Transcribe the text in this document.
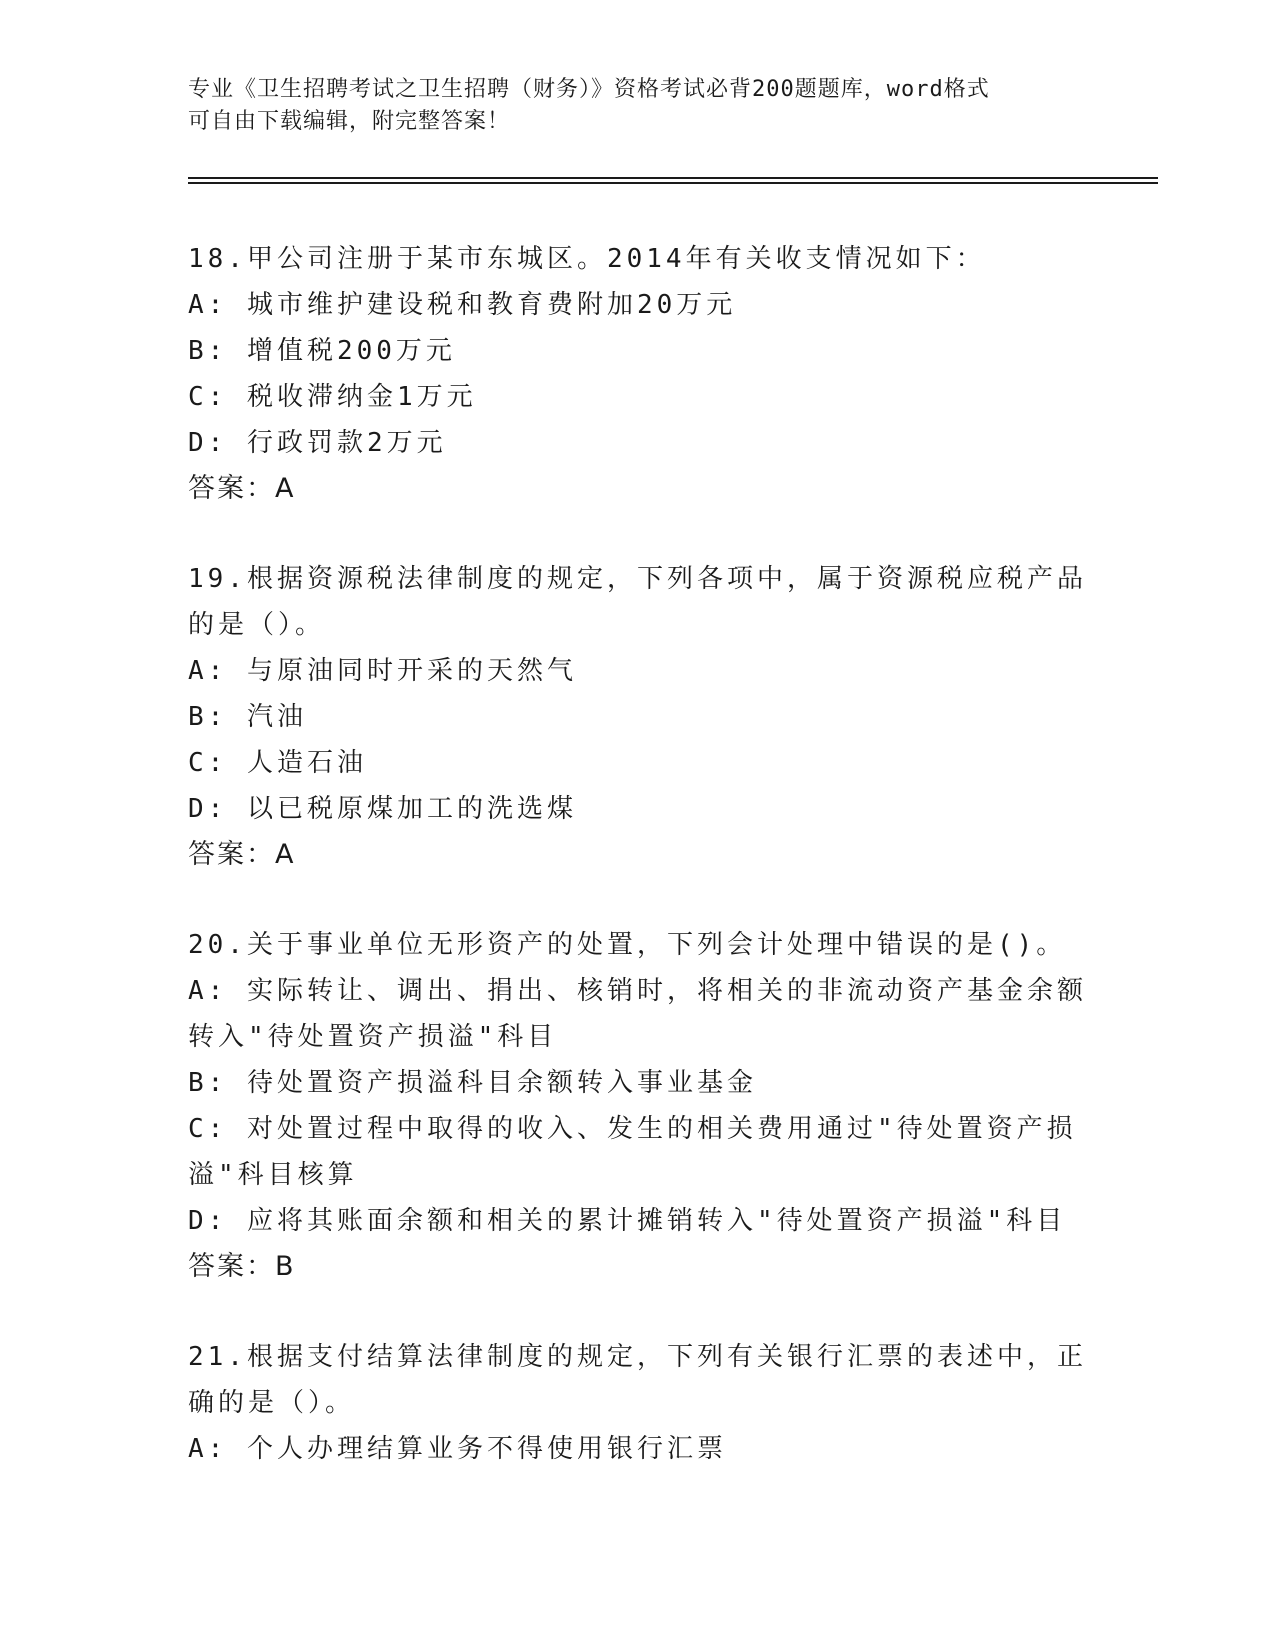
专业《卫生招聘考试之卫生招聘（财务）》资格考试必背200题题库，word格式
可自由下载编辑，附完整答案！
18.甲公司注册于某市东城区。2014年有关收支情况如下：
A: 城市维护建设税和教育费附加20万元
B: 增值税200万元
C: 税收滞纳金1万元
D: 行政罚款2万元
答案：A
19.根据资源税法律制度的规定，下列各项中，属于资源税应税产品的是（）。
A: 与原油同时开采的天然气
B: 汽油
C: 人造石油
D: 以已税原煤加工的洗选煤
答案：A
20.关于事业单位无形资产的处置，下列会计处理中错误的是()。
A: 实际转让、调出、捐出、核销时，将相关的非流动资产基金余额转入"待处置资产损溢"科目
B: 待处置资产损溢科目余额转入事业基金
C: 对处置过程中取得的收入、发生的相关费用通过"待处置资产损溢"科目核算
D: 应将其账面余额和相关的累计摊销转入"待处置资产损溢"科目
答案：B
21.根据支付结算法律制度的规定，下列有关银行汇票的表述中，正确的是（）。
A: 个人办理结算业务不得使用银行汇票
